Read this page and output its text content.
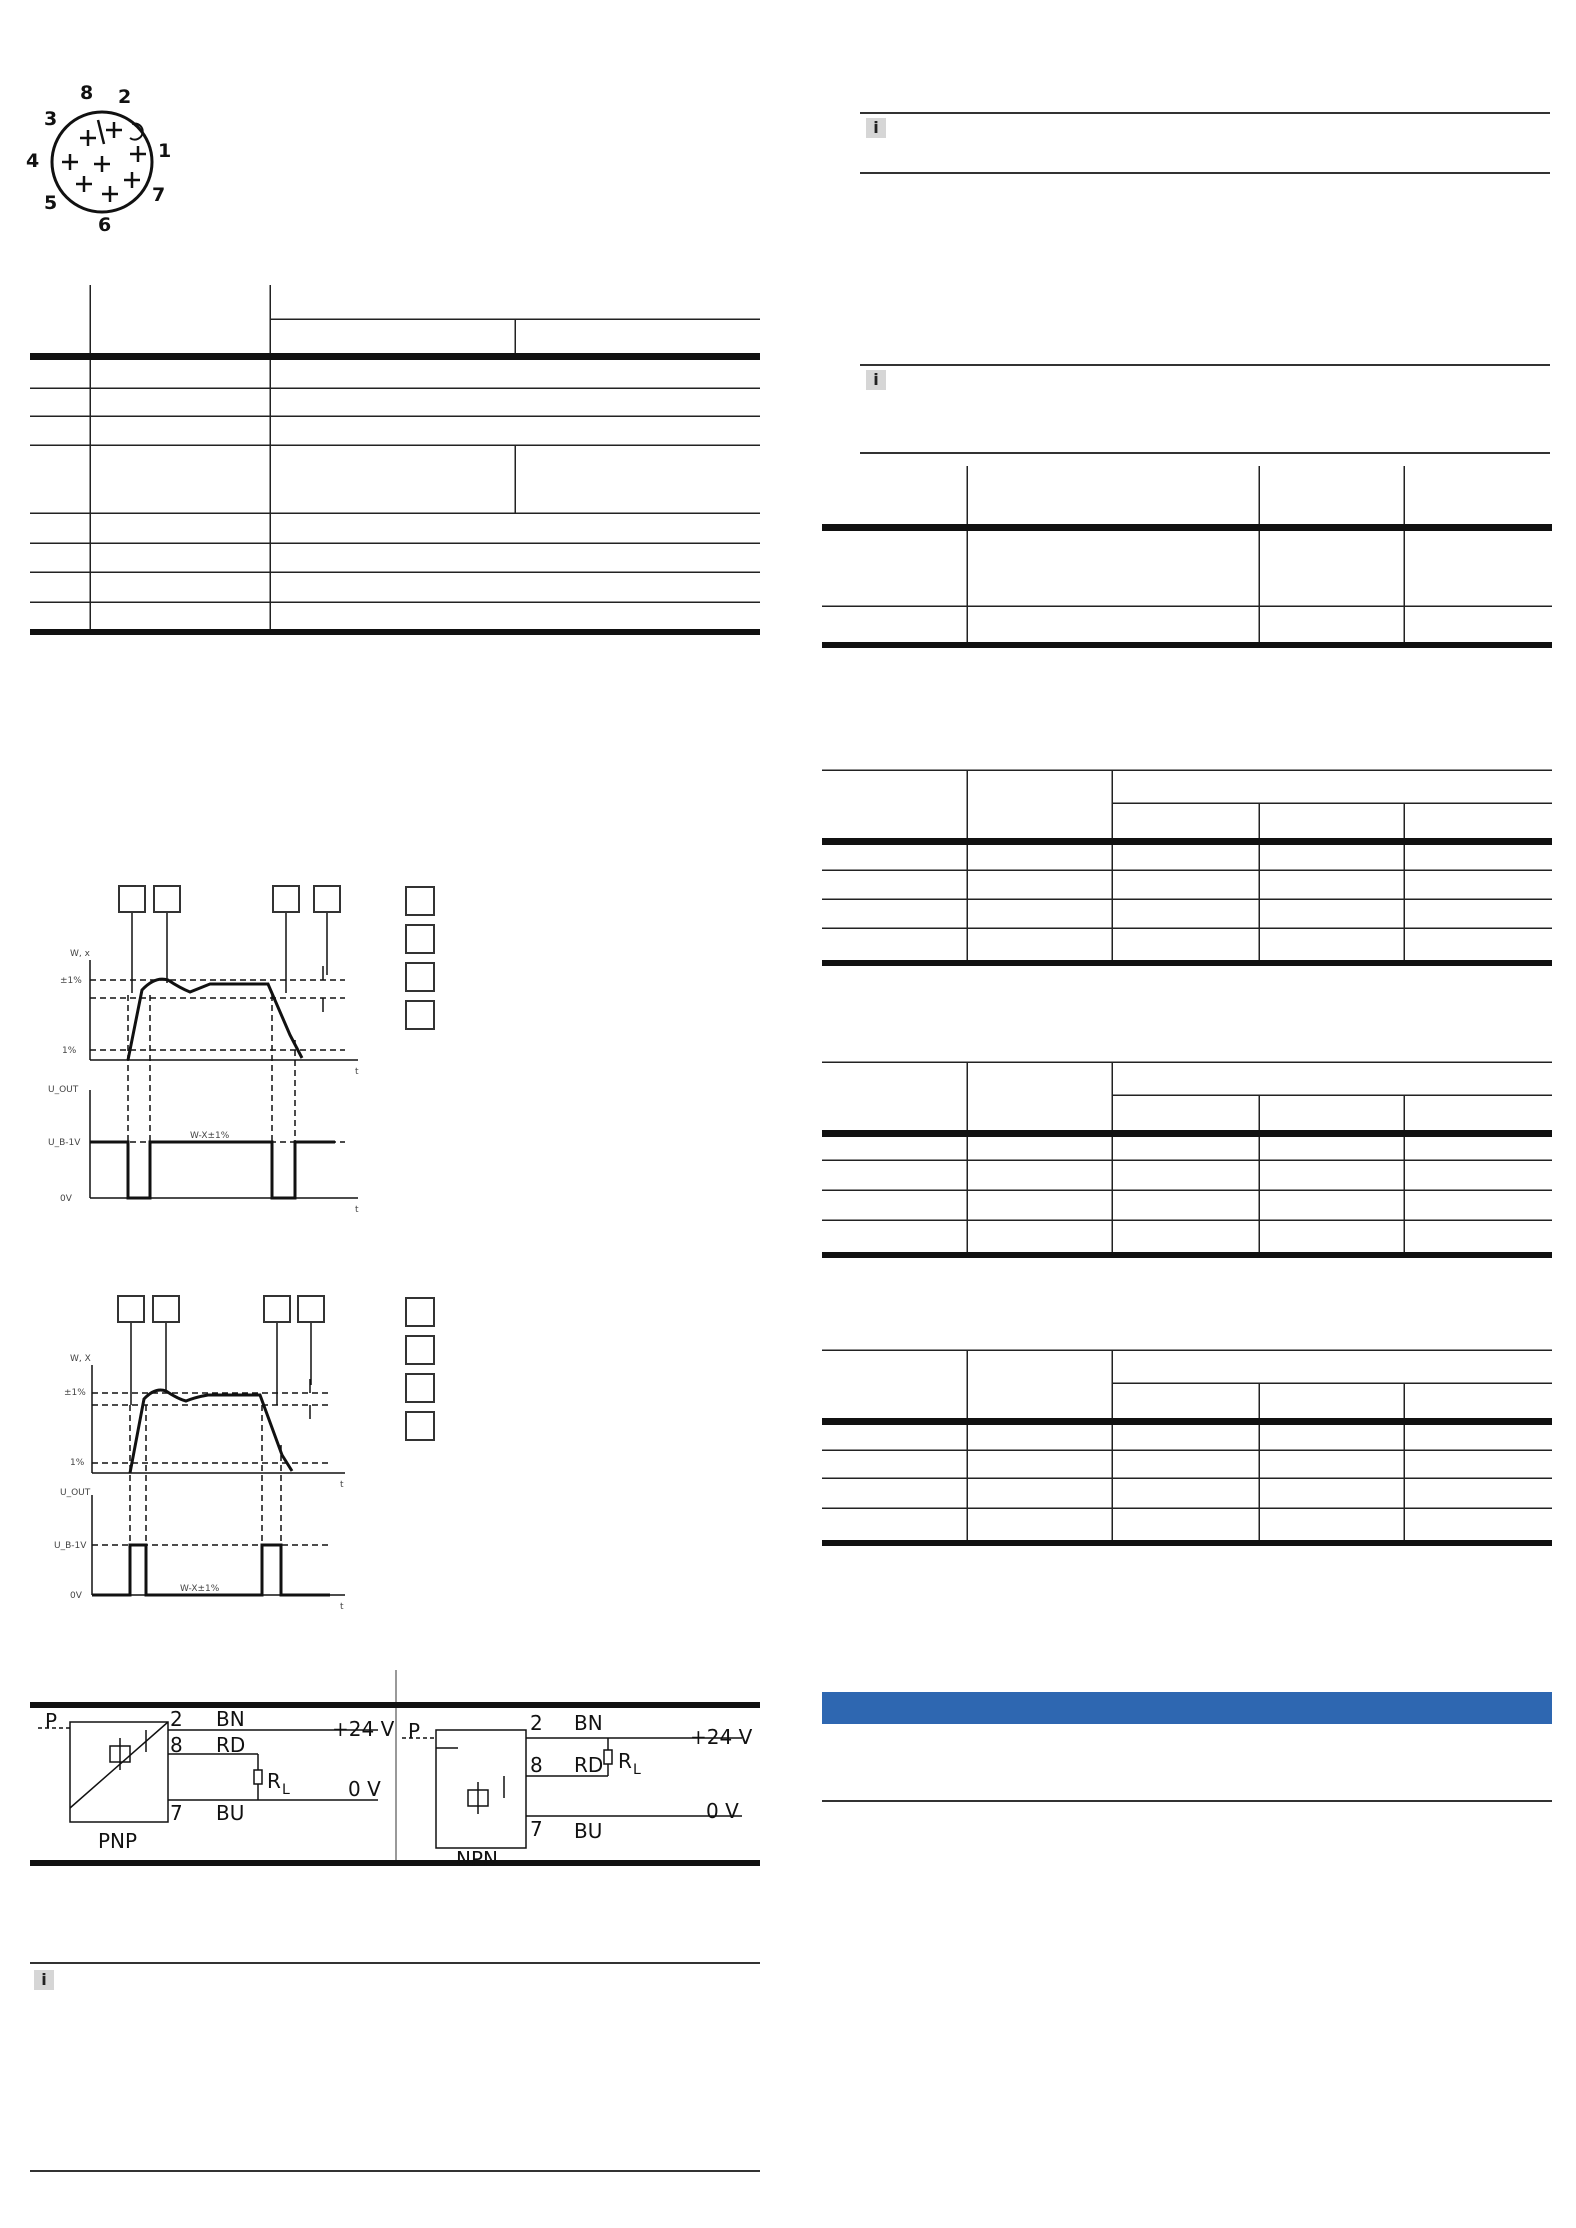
8 2
3
1
4
7
5
6
W, x
±1%
1%
t
U_OUT
U_B-1V
0V
W-X±1%
t
W, X
±1%
1%
t
U_OUT
U_B-1V
0V
W-X±1%
t
P	2
8
7
BN
RD
BU
R L
+24 V
0 V
PNP
P	2
8
7
BN
RD
BU
R L
+24 V
0 V
NPN
i
i
i
